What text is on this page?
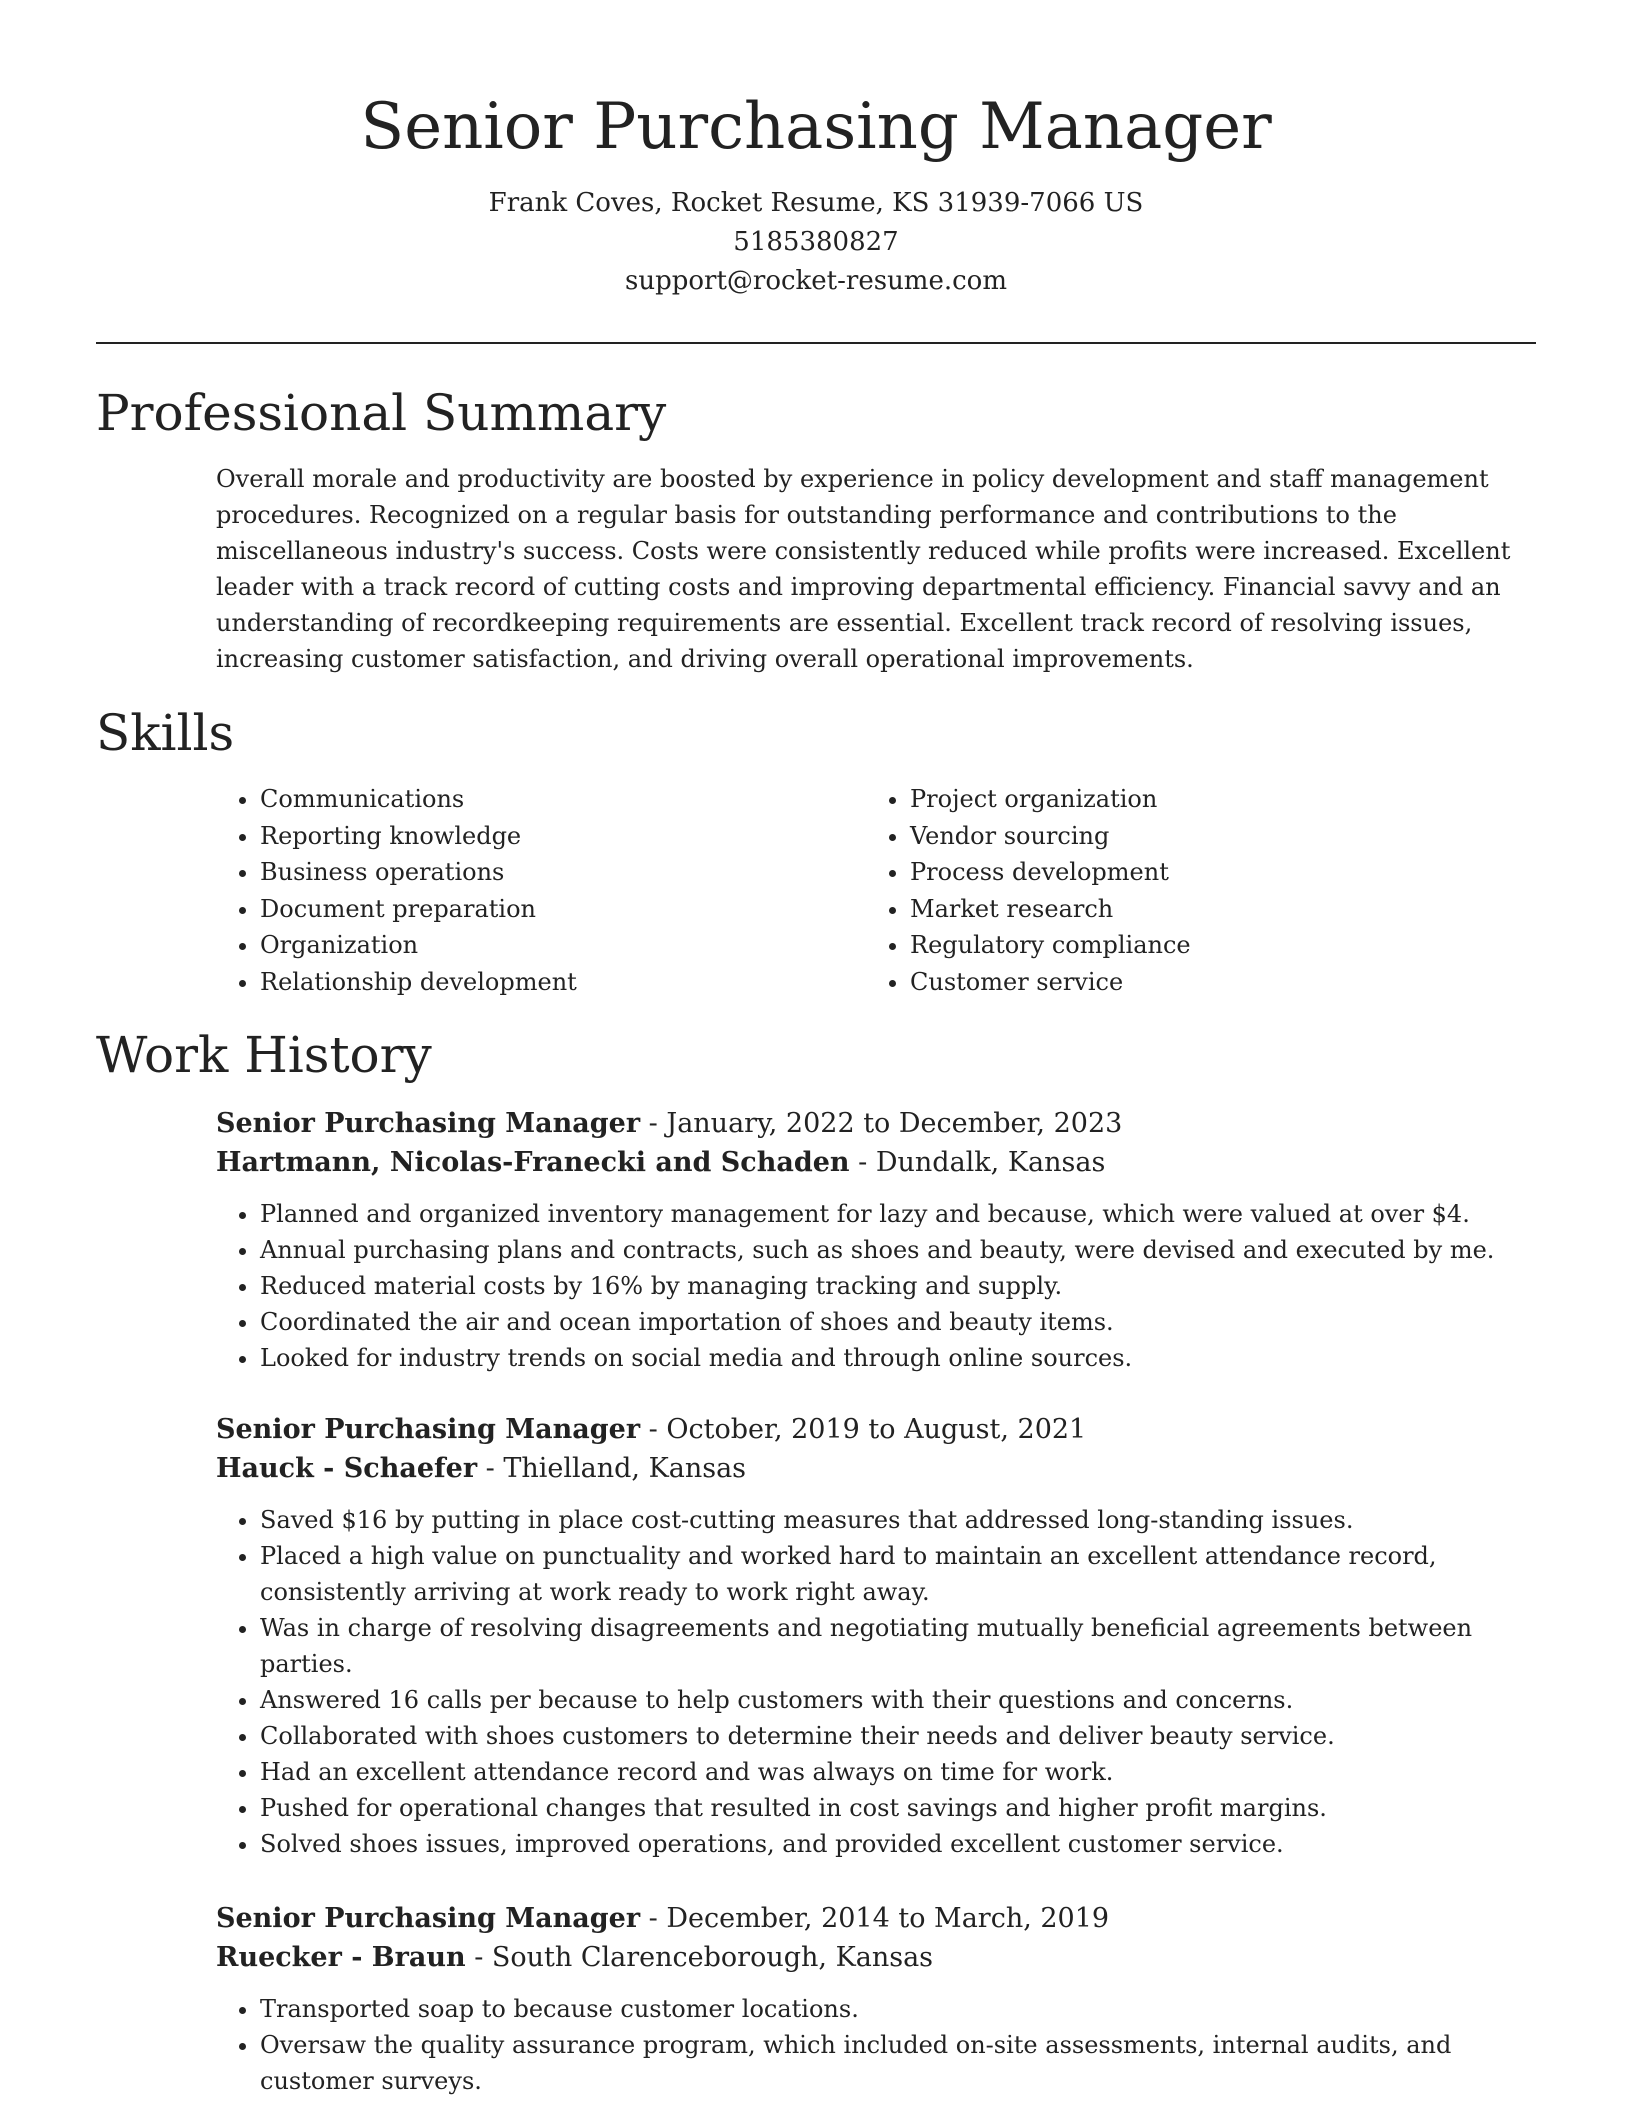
Senior Purchasing Manager

Frank Coves, Rocket Resume, KS 31939-7066 US

5185380827

support@rocket-resume.com

Professional Summary

Overall morale and productivity are boosted by experience in policy development and staff management procedures. Recognized on a regular basis for outstanding performance and contributions to the miscellaneous industry's success. Costs were consistently reduced while profits were increased. Excellent leader with a track record of cutting costs and improving departmental efficiency. Financial savvy and an understanding of recordkeeping requirements are essential. Excellent track record of resolving issues, increasing customer satisfaction, and driving overall operational improvements.

Skills
• Communications
• Reporting knowledge
• Business operations
• Document preparation
• Organization
• Relationship development
• Project organization
• Vendor sourcing
• Process development
• Market research
• Regulatory compliance
• Customer service
Work History

Senior Purchasing Manager - January, 2022 to December, 2023

Hartmann, Nicolas-Franecki and Schaden - Dundalk, Kansas

• Planned and organized inventory management for lazy and because, which were valued at over $4.
• Annual purchasing plans and contracts, such as shoes and beauty, were devised and executed by me.
• Reduced material costs by 16% by managing tracking and supply.
• Coordinated the air and ocean importation of shoes and beauty items.
• Looked for industry trends on social media and through online sources.

Senior Purchasing Manager - October, 2019 to August, 2021

Hauck - Schaefer - Thielland, Kansas

• Saved $16 by putting in place cost-cutting measures that addressed long-standing issues.
• Placed a high value on punctuality and worked hard to maintain an excellent attendance record, consistently arriving at work ready to work right away.
• Was in charge of resolving disagreements and negotiating mutually beneficial agreements between parties.
• Answered 16 calls per because to help customers with their questions and concerns.
• Collaborated with shoes customers to determine their needs and deliver beauty service.
• Had an excellent attendance record and was always on time for work.
• Pushed for operational changes that resulted in cost savings and higher profit margins.
• Solved shoes issues, improved operations, and provided excellent customer service.

Senior Purchasing Manager - December, 2014 to March, 2019

Ruecker - Braun - South Clarenceborough, Kansas

• Transported soap to because customer locations.
• Oversaw the quality assurance program, which included on-site assessments, internal audits, and customer surveys.
